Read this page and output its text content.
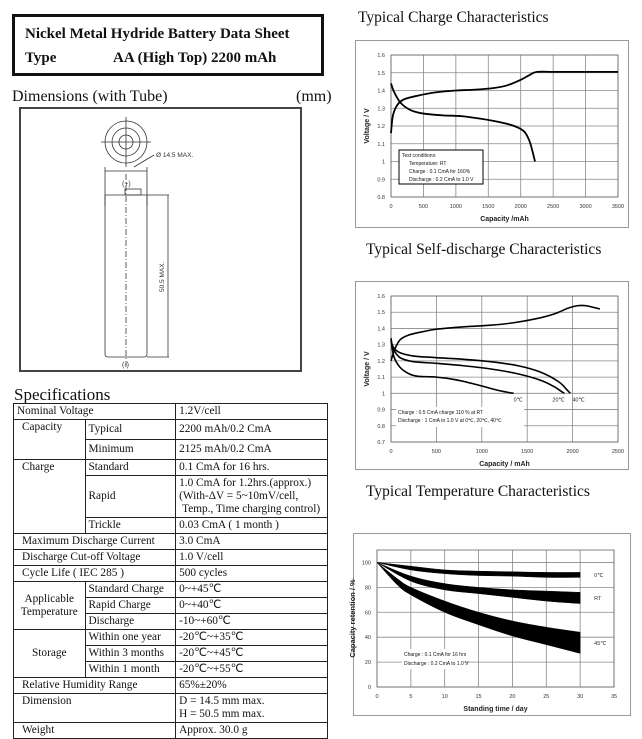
Nickel Metal Hydride Battery Data Sheet
Type	AA (High Top) 2200 mAh
Dimensions (with Tube)	(mm)
Ø 14.5 MAX.
(+)
(-)
50.5 MAX.
Specifications
Nominal Voltage		1.2V/cell
Capacity	Typical	2200 mAh/0.2 CmA
	Minimum	2125 mAh/0.2 CmA
Charge	Standard	0.1 CmA for 16 hrs.
	Rapid	1.0 CmA for 1.2hrs.(approx.)
(With-ΔV = 5~10mV/cell,
Temp., Time charging control)

	Trickle	0.03 CmA ( 1 month )
Maximum Discharge Current		3.0 CmA
Discharge Cut-off Voltage		1.0 V/cell
Cycle Life ( IEC 285 )		500 cycles

Applicable
Temperature	Standard Charge	0~+45℃
	Rapid Charge	0~+40℃
	Discharge	-10~+60℃
Storage	Within one year	-20℃~+35℃
	Within 3 months	-20℃~+45℃
	Within 1 month	-20℃~+55℃
Relative Humidity Range		65%±20%
Dimension		D = 14.5 mm max.
H = 50.5 mm max.

Weight		Approx. 30.0 g
Typical Charge Characteristics
0	500	1000	1500	2000	2500	3000	3500
0.8
0.9
1
1.1
1.2
1.3
1.4
1.5
1.6
Capacity /mAh
Voltage / V
Test conditions:
Temperature: RT
Charge : 0.1 CmA for 160%
Discharge : 0.2 CmA to 1.0 V
Typical Self-discharge Characteristics
0	500	1000	1500	2000	2500
0.7
0.8
0.9
1
1.1
1.2
1.3
1.4
1.5
1.6
Capacity / mAh
Voltage / V
0℃	20℃ 40℃
Charge : 0.5 CmA charge 110 % at RT
Discharge : 1 CmA to 1.0 V at 0℃, 20℃, 40℃
Typical Temperature Characteristics
0	5	10	15	20	25	30	35
0
20
40
60
80
100
Standing time / day
Capacity retention / %
0℃
RT
45℃
Charge : 0.1 CmA for 16 hrs
Discharge : 0.2 CmA to 1.0 V
